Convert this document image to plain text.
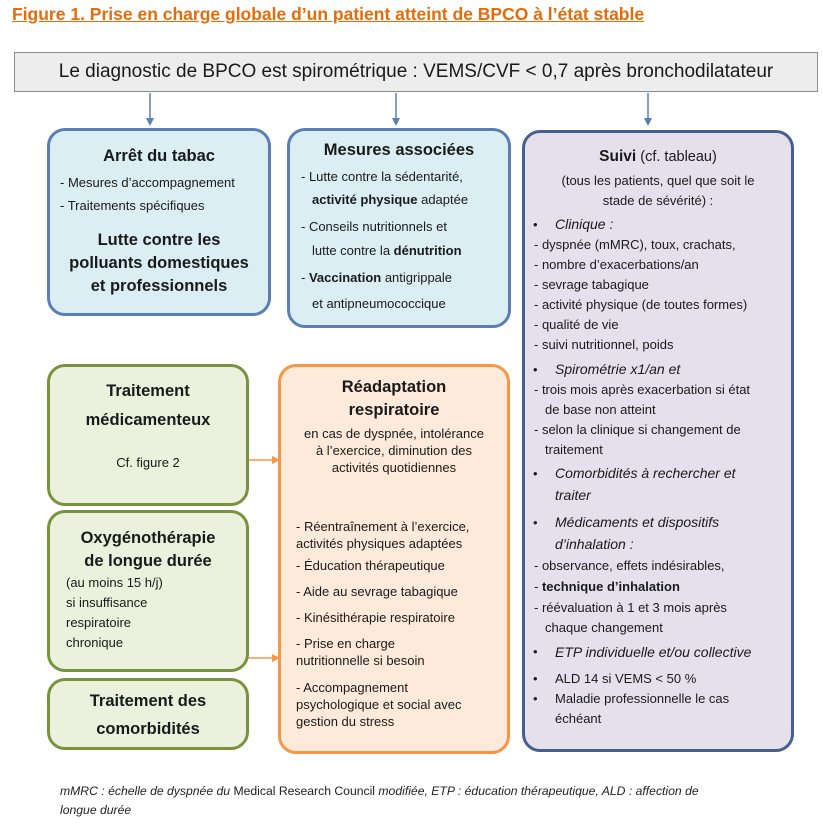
Figure 1. Prise en charge globale d’un patient atteint de BPCO à l’état stable
Le diagnostic de BPCO est spirométrique : VEMS/CVF < 0,7 après bronchodilatateur
Arrêt du tabac
- Mesures d’accompagnement
- Traitements spécifiques
Lutte contre les
polluants domestiques
et professionnels
Mesures associées
- Lutte contre la sédentarité,
activité physique adaptée
- Conseils nutritionnels et
lutte contre la dénutrition
- Vaccination antigrippale
et antipneumococcique
Suivi (cf. tableau)
(tous les patients, quel que soit le
stade de sévérité) :
• Clinique :
- dyspnée (mMRC), toux, crachats,
- nombre d’exacerbations/an
- sevrage tabagique
- activité physique (de toutes formes)
- qualité de vie
- suivi nutritionnel, poids
• Spirométrie x1/an et
- trois mois après exacerbation si état
de base non atteint
- selon la clinique si changement de
traitement
• Comorbidités à rechercher et
traiter
• Médicaments et dispositifs
d’inhalation :
- observance, effets indésirables,
- technique d’inhalation
- réévaluation à 1 et 3 mois après
chaque changement
• ETP individuelle et/ou collective
• ALD 14 si VEMS < 50 %
• Maladie professionnelle le cas
échéant
Traitement
médicamenteux
Cf. figure 2
Oxygénothérapie
de longue durée
(au moins 15 h/j)
si insuffisance
respiratoire
chronique
Traitement des
comorbidités
Réadaptation
respiratoire
en cas de dyspnée, intolérance
à l’exercice, diminution des
activités quotidiennes
- Réentraînement à l’exercice,
activités physiques adaptées
- Éducation thérapeutique
- Aide au sevrage tabagique
- Kinésithérapie respiratoire
- Prise en charge
nutritionnelle si besoin
- Accompagnement
psychologique et social avec
gestion du stress
mMRC : échelle de dyspnée du Medical Research Council modifiée, ETP : éducation thérapeutique, ALD : affection de
longue durée
